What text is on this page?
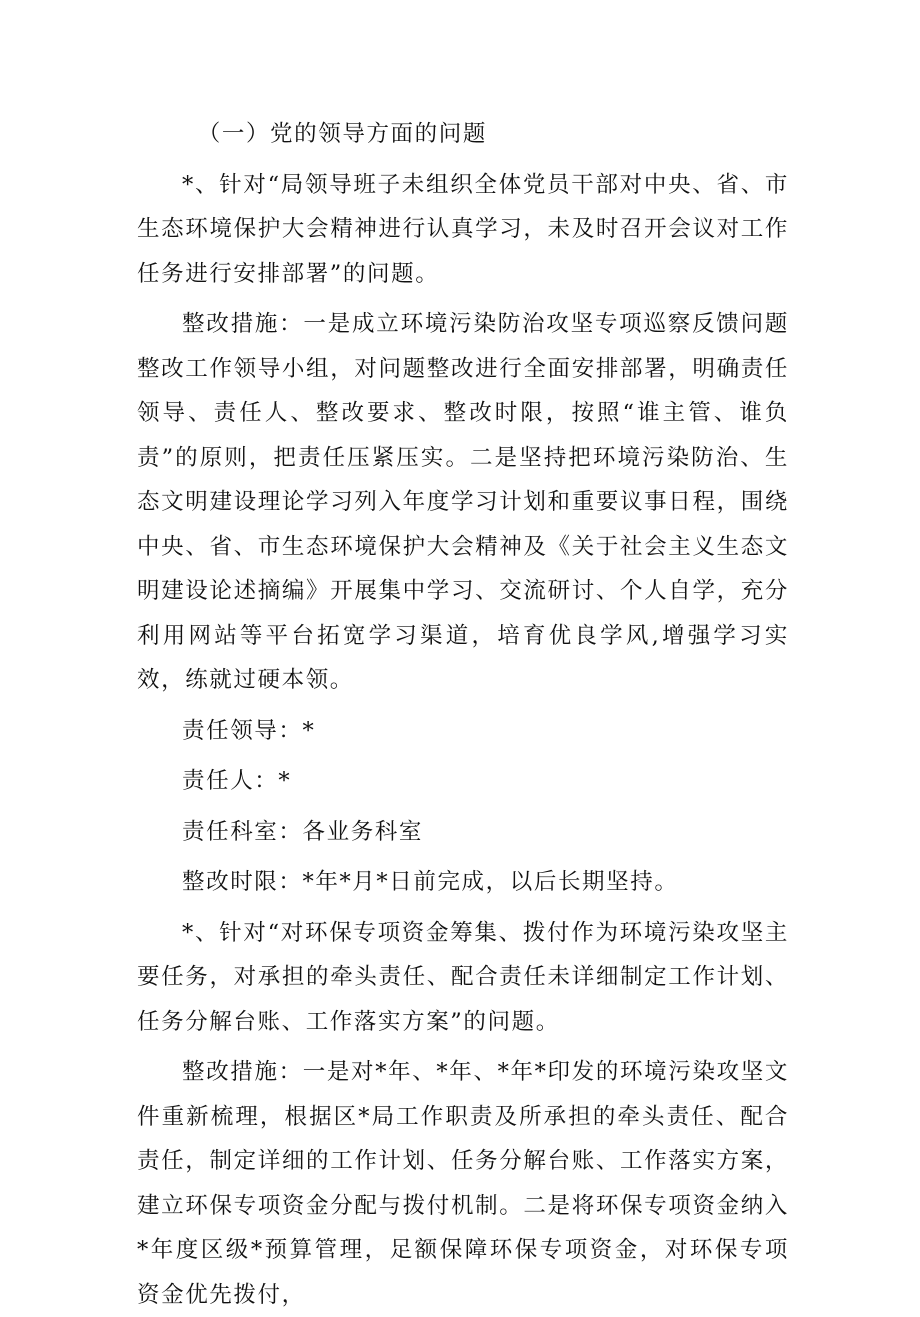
（一）党的领导方面的问题

*、针对“局领导班子未组织全体党员干部对中央、省、市生态环境保护大会精神进行认真学习，未及时召开会议对工作任务进行安排部署”的问题。

整改措施：一是成立环境污染防治攻坚专项巡察反馈问题整改工作领导小组，对问题整改进行全面安排部署，明确责任领导、责任人、整改要求、整改时限，按照“谁主管、谁负责”的原则，把责任压紧压实。二是坚持把环境污染防治、生态文明建设理论学习列入年度学习计划和重要议事日程，围绕中央、省、市生态环境保护大会精神及《关于社会主义生态文明建设论述摘编》开展集中学习、交流研讨、个人自学，充分利用网站等平台拓宽学习渠道，培育优良学风,增强学习实效，练就过硬本领。

责任领导：*

责任人：*

责任科室：各业务科室

整改时限：*年*月*日前完成，以后长期坚持。

*、针对“对环保专项资金筹集、拨付作为环境污染攻坚主要任务，对承担的牵头责任、配合责任未详细制定工作计划、任务分解台账、工作落实方案”的问题。

整改措施：一是对*年、*年、*年*印发的环境污染攻坚文件重新梳理，根据区*局工作职责及所承担的牵头责任、配合责任，制定详细的工作计划、任务分解台账、工作落实方案，建立环保专项资金分配与拨付机制。二是将环保专项资金纳入*年度区级*预算管理，足额保障环保专项资金，对环保专项资金优先拨付，
